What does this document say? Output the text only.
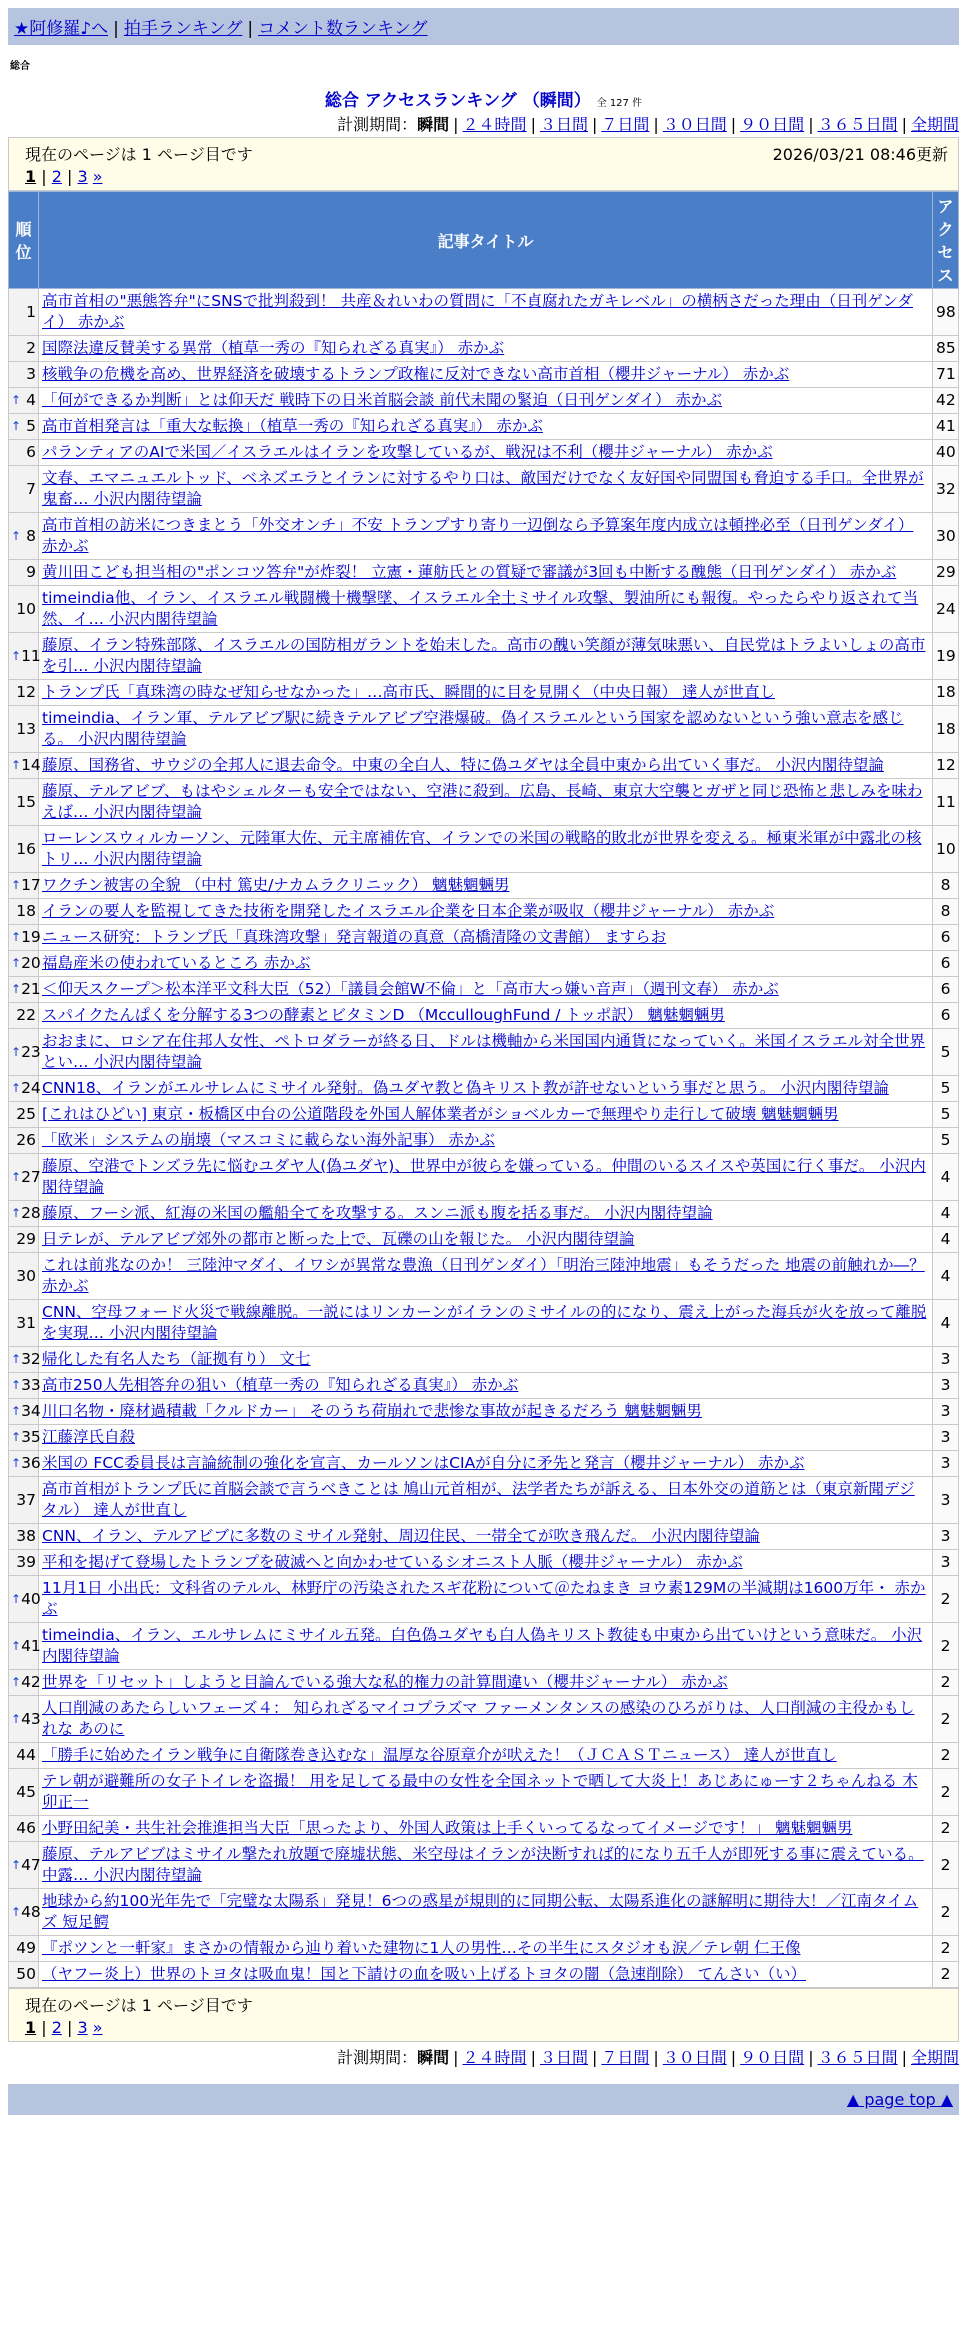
★阿修羅♪へ | 拍手ランキング | コメント数ランキング
総合
総合 アクセスランキング （瞬間） 全 127 件
計測期間：瞬間 | ２４時間 | ３日間 | ７日間 | ３０日間 | ９０日間 | ３６５日間 | 全期間
現在のページは 1 ページ目です	2026/03/21 08:46更新
1 | 2 | 3 »
順位	記事タイトル	アクセス
1	高市首相の"悪態答弁"にSNSで批判殺到！ 共産＆れいわの質問に「不貞腐れたガキレベル」の横柄さだった理由（日刊ゲンダイ） 赤かぶ	98
2	国際法違反賛美する異常（植草一秀の『知られざる真実』） 赤かぶ	85
3	核戦争の危機を高め、世界経済を破壊するトランプ政権に反対できない高市首相（櫻井ジャーナル） 赤かぶ	71

↑ 4	「何ができるか判断」とは仰天だ 戦時下の日米首脳会談 前代未聞の緊迫（日刊ゲンダイ） 赤かぶ	42

↑ 5	高市首相発言は「重大な転換」（植草一秀の『知られざる真実』） 赤かぶ	41
6	パランティアのAIで米国／イスラエルはイランを攻撃しているが、戦況は不利（櫻井ジャーナル） 赤かぶ	40
7	文春、エマニュエルトッド、ベネズエラとイランに対するやり口は、敵国だけでなく友好国や同盟国も脅迫する手口。全世界が鬼畜… 小沢内閣待望論	32

↑ 8	高市首相の訪米につきまとう「外交オンチ」不安 トランプすり寄り一辺倒なら予算案年度内成立は頓挫必至（日刊ゲンダイ） 赤かぶ	30
9	黄川田こども担当相の"ポンコツ答弁"が炸裂！ 立憲・蓮舫氏との質疑で審議が3回も中断する醜態（日刊ゲンダイ） 赤かぶ	29
10	timeindia他、イラン、イスラエル戦闘機十機撃墜、イスラエル全土ミサイル攻撃、製油所にも報復。やったらやり返されて当然、イ… 小沢内閣待望論	24

↑ 11	藤原、イラン特殊部隊、イスラエルの国防相ガラントを始末した。高市の醜い笑顔が薄気味悪い、自民党はトラよいしょの高市を引… 小沢内閣待望論	19
12	トランプ氏「真珠湾の時なぜ知らせなかった」…高市氏、瞬間的に目を見開く（中央日報） 達人が世直し	18
13	timeindia、イラン軍、テルアビブ駅に続きテルアビブ空港爆破。偽イスラエルという国家を認めないという強い意志を感じる。 小沢内閣待望論	18

↑ 14	藤原、国務省、サウジの全邦人に退去命令。中東の全白人、特に偽ユダヤは全員中東から出ていく事だ。 小沢内閣待望論	12
15	藤原、テルアビブ、もはやシェルターも安全ではない、空港に殺到。広島、長崎、東京大空襲とガザと同じ恐怖と悲しみを味わえば… 小沢内閣待望論	11
16	ローレンスウィルカーソン、元陸軍大佐、元主席補佐官、イランでの米国の戦略的敗北が世界を変える。極東米軍が中露北の核トリ… 小沢内閣待望論	10

↑ 17	ワクチン被害の全貌 （中村 篤史/ナカムラクリニック） 魑魅魍魎男	8
18	イランの要人を監視してきた技術を開発したイスラエル企業を日本企業が吸収（櫻井ジャーナル） 赤かぶ	8

↑ 19	ニュース研究：トランプ氏「真珠湾攻撃」発言報道の真意（高橋清隆の文書館） ますらお	6

↑ 20	福島産米の使われているところ 赤かぶ	6

↑ 21	＜仰天スクープ＞松本洋平文科大臣（52）「議員会館W不倫」と「高市大っ嫌い音声」（週刊文春） 赤かぶ	6
22	スパイクたんぱくを分解する3つの酵素とビタミンD （McculloughFund / トッポ訳） 魑魅魍魎男	6

↑ 23	おおまに、ロシア在住邦人女性、ペトロダラーが終る日、ドルは機軸から米国国内通貨になっていく。米国イスラエル対全世界とい… 小沢内閣待望論	5

↑ 24	CNN18、イランがエルサレムにミサイル発射。偽ユダヤ教と偽キリスト教が許せないという事だと思う。 小沢内閣待望論	5
25	[これはひどい] 東京・板橋区中台の公道階段を外国人解体業者がショベルカーで無理やり走行して破壊 魑魅魍魎男	5
26	「欧米」システムの崩壊（マスコミに載らない海外記事） 赤かぶ	5

↑ 27	藤原、空港でトンズラ先に悩むユダヤ人(偽ユダヤ)、世界中が彼らを嫌っている。仲間のいるスイスや英国に行く事だ。 小沢内閣待望論	4

↑ 28	藤原、フーシ派、紅海の米国の艦船全てを攻撃する。スンニ派も腹を括る事だ。 小沢内閣待望論	4
29	日テレが、テルアビブ郊外の都市と断った上で、瓦礫の山を報じた。 小沢内閣待望論	4
30	これは前兆なのか！ 三陸沖マダイ、イワシが異常な豊漁（日刊ゲンダイ）「明治三陸沖地震」もそうだった 地震の前触れか―？ 赤かぶ	4
31	CNN、空母フォード火災で戦線離脱。一説にはリンカーンがイランのミサイルの的になり、震え上がった海兵が火を放って離脱を実現… 小沢内閣待望論	4

↑ 32	帰化した有名人たち（証拠有り） 文七	3

↑ 33	高市250人先相答弁の狙い（植草一秀の『知られざる真実』） 赤かぶ	3

↑ 34	川口名物・廃材過積載「クルドカー」 そのうち荷崩れで悲惨な事故が起きるだろう 魑魅魍魎男	3

↑ 35	江藤淳氏自殺	3

↑ 36	米国の FCC委員長は言論統制の強化を宣言、カールソンはCIAが自分に矛先と発言（櫻井ジャーナル） 赤かぶ	3
37	高市首相がトランプ氏に首脳会談で言うべきことは 鳩山元首相が、法学者たちが訴える、日本外交の道筋とは（東京新聞デジタル） 達人が世直し	3
38	CNN、イラン、テルアビブに多数のミサイル発射、周辺住民、一帯全てが吹き飛んだ。 小沢内閣待望論	3
39	平和を掲げて登場したトランプを破滅へと向かわせているシオニスト人脈（櫻井ジャーナル） 赤かぶ	3

↑ 40	11月1日 小出氏：文科省のテルル、林野庁の汚染されたスギ花粉について＠たねまき ヨウ素129Mの半減期は1600万年・ 赤かぶ	2

↑ 41	timeindia、イラン、エルサレムにミサイル五発。白色偽ユダヤも白人偽キリスト教徒も中東から出ていけという意味だ。 小沢内閣待望論	2

↑ 42	世界を「リセット」しようと目論んでいる強大な私的権力の計算間違い（櫻井ジャーナル） 赤かぶ	2

↑ 43	人口削減のあたらしいフェーズ４： 知られざるマイコプラズマ ファーメンタンスの感染のひろがりは、人口削減の主役かもしれな あのに	2
44	「勝手に始めたイラン戦争に自衛隊巻き込むな」温厚な谷原章介が吠えた！（ＪＣＡＳＴニュース） 達人が世直し	2
45	テレ朝が避難所の女子トイレを盗撮！ 用を足してる最中の女性を全国ネットで晒して大炎上！あじあにゅーす２ちゃんねる 木卯正一	2
46	小野田紀美・共生社会推進担当大臣「思ったより、外国人政策は上手くいってるなってイメージです！」 魑魅魍魎男	2

↑ 47	藤原、テルアビブはミサイル撃たれ放題で廃墟状態、米空母はイランが決断すれば的になり五千人が即死する事に震えている。中露… 小沢内閣待望論	2

↑ 48	地球から約100光年先で「完璧な太陽系」発見！6つの惑星が規則的に同期公転、太陽系進化の謎解明に期待大！／江南タイムズ 短足鰐	2
49	『ポツンと一軒家』まさかの情報から辿り着いた建物に1人の男性…その半生にスタジオも涙／テレ朝 仁王像	2
50	（ヤフー炎上）世界のトヨタは吸血鬼！国と下請けの血を吸い上げるトヨタの闇（急速削除） てんさい（い）	2
現在のページは 1 ページ目です
1 | 2 | 3 »
計測期間：瞬間 | ２４時間 | ３日間 | ７日間 | ３０日間 | ９０日間 | ３６５日間 | 全期間
▲ page top ▲
